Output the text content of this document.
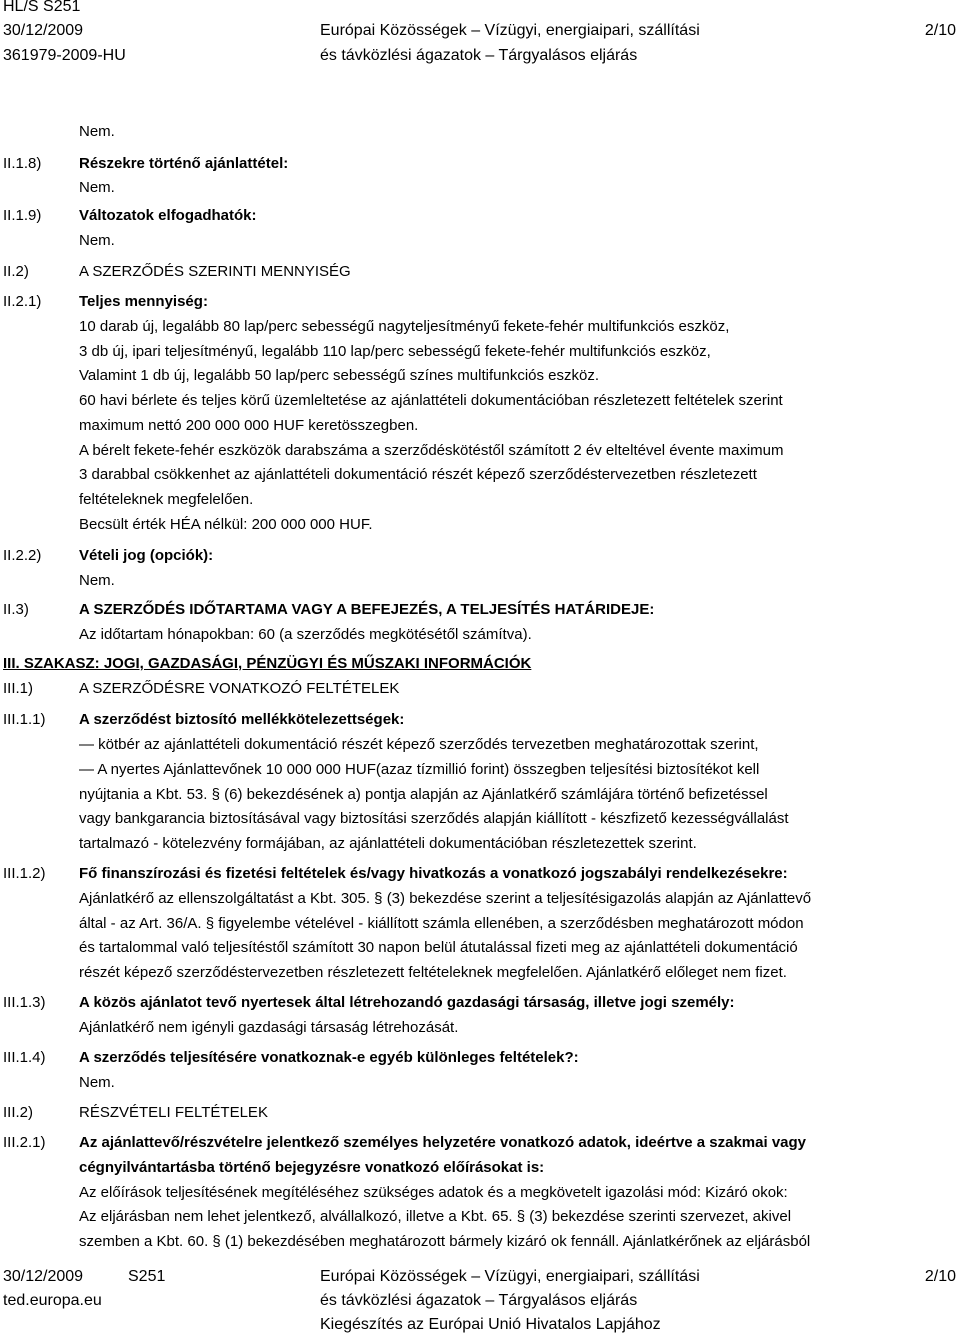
HL/S S251
30/12/2009
361979-2009-HU
Európai Közösségek – Vízügyi, energiaipari, szállítási
és távközlési ágazatok – Tárgyalásos eljárás
2/10
Nem.
II.1.8)	Részekre történő ajánlattétel:
Nem.
II.1.9)	Változatok elfogadhatók:
Nem.
II.2)	A SZERZŐDÉS SZERINTI MENNYISÉG
II.2.1)	Teljes mennyiség:
10 darab új, legalább 80 lap/perc sebességű nagyteljesítményű fekete-fehér multifunkciós eszköz,
3 db új, ipari teljesítményű, legalább 110 lap/perc sebességű fekete-fehér multifunkciós eszköz,
Valamint 1 db új, legalább 50 lap/perc sebességű színes multifunkciós eszköz.
60 havi bérlete és teljes körű üzemleltetése az ajánlattételi dokumentációban részletezett feltételek szerint
maximum nettó 200 000 000 HUF keretösszegben.
A bérelt fekete-fehér eszközök darabszáma a szerződéskötéstől számított 2 év elteltével évente maximum
3 darabbal csökkenhet az ajánlattételi dokumentáció részét képező szerződéstervezetben részletezett
feltételeknek megfelelően.
Becsült érték HÉA nélkül: 200 000 000 HUF.
II.2.2)	Vételi jog (opciók):
Nem.
II.3)	A SZERZŐDÉS IDŐTARTAMA VAGY A BEFEJEZÉS, A TELJESÍTÉS HATÁRIDEJE:
Az időtartam hónapokban: 60 (a szerződés megkötésétől számítva).
III. SZAKASZ: JOGI, GAZDASÁGI, PÉNZÜGYI ÉS MŰSZAKI INFORMÁCIÓK
III.1)	A SZERZŐDÉSRE VONATKOZÓ FELTÉTELEK
III.1.1) A szerződést biztosító mellékkötelezettségek:
— kötbér az ajánlattételi dokumentáció részét képező szerződés tervezetben meghatározottak szerint,
— A nyertes Ajánlattevőnek 10 000 000 HUF(azaz tízmillió forint) összegben teljesítési biztosítékot kell
nyújtania a Kbt. 53. § (6) bekezdésének a) pontja alapján az Ajánlatkérő számlájára történő befizetéssel
vagy bankgarancia biztosításával vagy biztosítási szerződés alapján kiállított - készfizető kezességvállalást
tartalmazó - kötelezvény formájában, az ajánlattételi dokumentációban részletezettek szerint.
III.1.2) Fő finanszírozási és fizetési feltételek és/vagy hivatkozás a vonatkozó jogszabályi rendelkezésekre:
Ajánlatkérő az ellenszolgáltatást a Kbt. 305. § (3) bekezdése szerint a teljesítésigazolás alapján az Ajánlattevő
által - az Art. 36/A. § figyelembe vételével - kiállított számla ellenében, a szerződésben meghatározott módon
és tartalommal való teljesítéstől számított 30 napon belül átutalással fizeti meg az ajánlattételi dokumentáció
részét képező szerződéstervezetben részletezett feltételeknek megfelelően. Ajánlatkérő előleget nem fizet.
III.1.3) A közös ajánlatot tevő nyertesek által létrehozandó gazdasági társaság, illetve jogi személy:
Ajánlatkérő nem igényli gazdasági társaság létrehozását.
III.1.4) A szerződés teljesítésére vonatkoznak-e egyéb különleges feltételek?:
Nem.
III.2)	RÉSZVÉTELI FELTÉTELEK
III.2.1) Az ajánlattevő/részvételre jelentkező személyes helyzetére vonatkozó adatok, ideértve a szakmai vagy
cégnyilvántartásba történő bejegyzésre vonatkozó előírásokat is:
Az előírások teljesítésének megítéléséhez szükséges adatok és a megkövetelt igazolási mód: Kizáró okok:
Az eljárásban nem lehet jelentkező, alvállalkozó, illetve a Kbt. 65. § (3) bekezdése szerinti szervezet, akivel
szemben a Kbt. 60. § (1) bekezdésében meghatározott bármely kizáró ok fennáll. Ajánlatkérőnek az eljárásból
30/12/2009	S251
ted.europa.eu
Európai Közösségek – Vízügyi, energiaipari, szállítási
és távközlési ágazatok – Tárgyalásos eljárás
Kiegészítés az Európai Unió Hivatalos Lapjához
2/10
